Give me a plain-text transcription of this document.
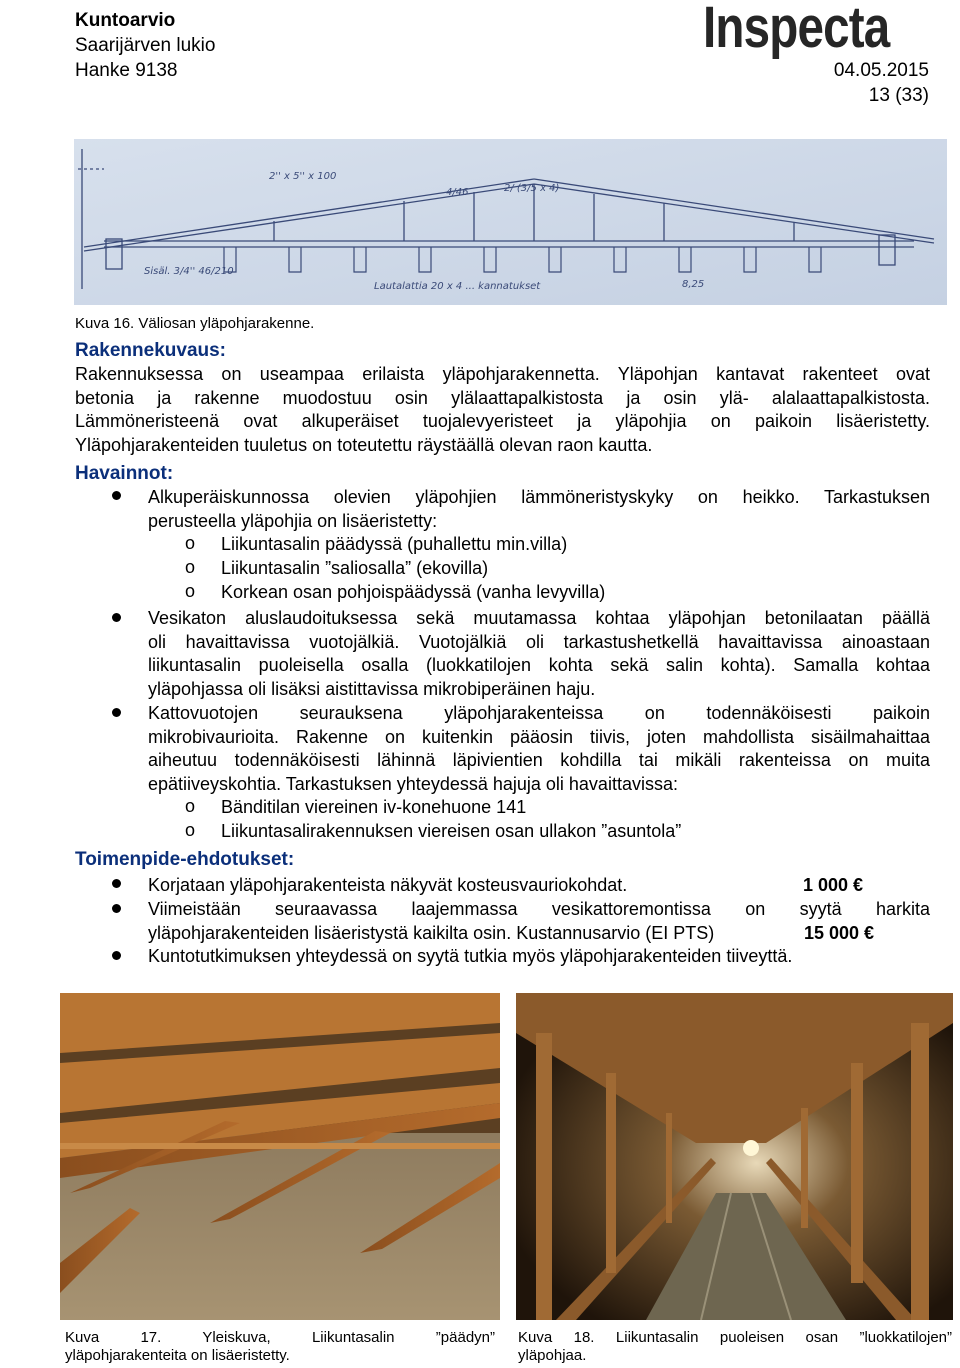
Kuntoarvio
Saarijärven lukio
Hanke 9138
Inspecta
04.05.2015
13 (33)
2'' x 5'' x 100
4/46	2/ (3/5 x 4)
Sisäl. 3/4'' 46/210
Lautalattia 20 x 4 ... kannatukset	8,25
Kuva 16. Väliosan yläpohjarakenne.
Rakennekuvaus:
Rakennuksessa on useampaa erilaista yläpohjarakennetta. Yläpohjan kantavat rakenteet ovat
betonia ja rakenne muodostuu osin ylälaattapalkistosta ja osin ylä- alalaattapalkistosta.
Lämmöneristeenä ovat alkuperäiset tuojalevyeristeet ja yläpohjia on paikoin lisäeristetty.
Yläpohjarakenteiden tuuletus on toteutettu räystäällä olevan raon kautta.
Havainnot:
Alkuperäiskunnossa olevien yläpohjien lämmöneristyskyky on heikko. Tarkastuksen
perusteella yläpohjia on lisäeristetty:
o Liikuntasalin päädyssä (puhallettu min.villa)
o Liikuntasalin ”saliosalla” (ekovilla)
o Korkean osan pohjoispäädyssä (vanha levyvilla)
Vesikaton aluslaudoituksessa sekä muutamassa kohtaa yläpohjan betonilaatan päällä
oli havaittavissa vuotojälkiä. Vuotojälkiä oli tarkastushetkellä havaittavissa ainoastaan
liikuntasalin puoleisella osalla (luokkatilojen kohta sekä salin kohta). Samalla kohtaa
yläpohjassa oli lisäksi aistittavissa mikrobiperäinen haju.
Kattovuotojen seurauksena yläpohjarakenteissa on todennäköisesti paikoin
mikrobivaurioita. Rakenne on kuitenkin pääosin tiivis, joten mahdollista sisäilmahaittaa
aiheutuu todennäköisesti lähinnä läpivientien kohdilla tai mikäli rakenteissa on muita
epätiiveyskohtia. Tarkastuksen yhteydessä hajuja oli havaittavissa:
o Bänditilan viereinen iv-konehuone 141
o Liikuntasalirakennuksen viereisen osan ullakon ”asuntola”
Toimenpide-ehdotukset:
Korjataan yläpohjarakenteista näkyvät kosteusvauriokohdat.	1 000 €
Viimeistään seuraavassa laajemmassa vesikattoremontissa on syytä harkita
yläpohjarakenteiden lisäeristystä kaikilta osin. Kustannusarvio (EI PTS)	15 000 €
Kuntotutkimuksen yhteydessä on syytä tutkia myös yläpohjarakenteiden tiiveyttä.
Kuva 17. Yleiskuva, Liikuntasalin ”päädyn”
yläpohjarakenteita on lisäeristetty.
Kuva 18. Liikuntasalin puoleisen osan ”luokkatilojen”
yläpohjaa.
